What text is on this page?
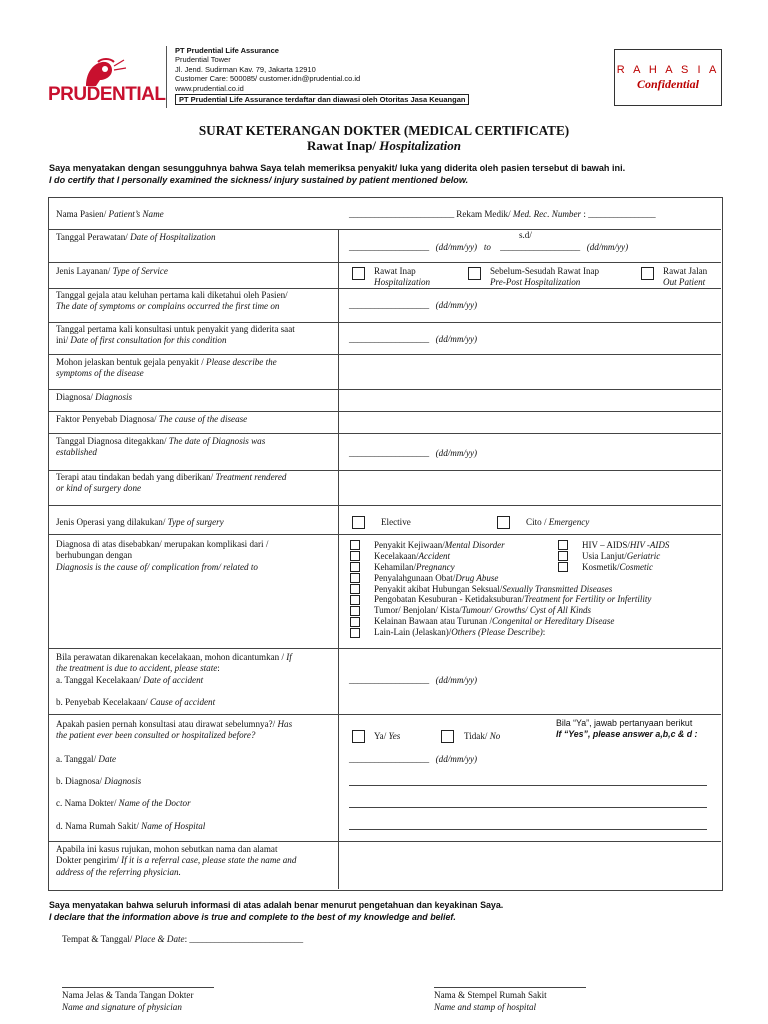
PRUDENTIAL
PT Prudential Life Assurance
Prudential Tower
Jl. Jend. Sudirman Kav. 79, Jakarta 12910
Customer Care: 500085/ customer.idn@prudential.co.id
www.prudential.co.id
PT Prudential Life Assurance terdaftar dan diawasi oleh Otoritas Jasa Keuangan
R A H A S I A
Confidential
SURAT KETERANGAN DOKTER (MEDICAL CERTIFICATE)
Rawat Inap/ Hospitalization
Saya menyatakan dengan sesungguhnya bahwa Saya telah memeriksa penyakit/ luka yang diderita oleh pasien tersebut di bawah ini.
I do certify that I personally examined the sickness/ injury sustained by patient mentioned below.
Nama Pasien/ Patient’s Name	_________________________ Rekam Medik/ Med. Rec. Number : ________________
Tanggal Perawatan/ Date of Hospitalization	s.d/
___________________ (dd/mm/yy) to ___________________ (dd/mm/yy)
Jenis Layanan/ Type of Service	Rawat Inap
Hospitalization
Sebelum-Sesudah Rawat Inap
Pre-Post Hospitalization
Rawat Jalan
Out Patient
Tanggal gejala atau keluhan pertama kali diketahui oleh Pasien/
The date of symptoms or complains occurred the first time on	___________________ (dd/mm/yy)
Tanggal pertama kali konsultasi untuk penyakit yang diderita saat
ini/ Date of first consultation for this condition	___________________ (dd/mm/yy)
Mohon jelaskan bentuk gejala penyakit / Please describe the
symptoms of the disease
Diagnosa/ Diagnosis
Faktor Penyebab Diagnosa/ The cause of the disease
Tanggal Diagnosa ditegakkan/ The date of Diagnosis was
established	___________________ (dd/mm/yy)
Terapi atau tindakan bedah yang diberikan/ Treatment rendered
or kind of surgery done
Jenis Operasi yang dilakukan/ Type of surgery	Elective	Cito / Emergency
Diagnosa di atas disebabkan/ merupakan komplikasi dari /
berhubungan dengan
Diagnosis is the cause of/ complication from/ related to
Penyakit Kejiwaan/ Mental Disorder
Kecelakaan/ Accident
Kehamilan/ Pregnancy
Penyalahgunaan Obat/ Drug Abuse
Penyakit akibat Hubungan Seksual/ Sexually Transmitted Diseases
Pengobatan Kesuburan - Ketidaksuburan/ Treatment for Fertility or Infertility
Tumor/ Benjolan/ Kista/ Tumour/ Growths/ Cyst of All Kinds
Kelainan Bawaan atau Turunan / Congenital or Hereditary Disease
Lain-Lain (Jelaskan)/ Others (Please Describe) :
HIV – AIDS/ HIV -AIDS
Usia Lanjut/ Geriatric
Kosmetik/ Cosmetic
Bila perawatan dikarenakan kecelakaan, mohon dicantumkan / If
the treatment is due to accident, please state:
a. Tanggal Kecelakaan/ Date of accident	___________________ (dd/mm/yy)
b. Penyebab Kecelakaan/ Cause of accident
Apakah pasien pernah konsultasi atau dirawat sebelumnya?/ Has
the patient ever been consulted or hospitalized before?	Ya/ Yes	Tidak/ No
Bila “Ya”, jawab pertanyaan berikut
If “Yes”, please answer a,b,c & d :
a. Tanggal/ Date	___________________ (dd/mm/yy)
b. Diagnosa/ Diagnosis
c. Nama Dokter/ Name of the Doctor
d. Nama Rumah Sakit/ Name of Hospital
Apabila ini kasus rujukan, mohon sebutkan nama dan alamat
Dokter pengirim/ If it is a referral case, please state the name and
address of the referring physician.
Saya menyatakan bahwa seluruh informasi di atas adalah benar menurut pengetahuan dan keyakinan Saya.
I declare that the information above is true and complete to the best of my knowledge and belief.
Tempat & Tanggal/ Place & Date: ___________________________
Nama Jelas & Tanda Tangan Dokter
Name and signature of physician
Nama & Stempel Rumah Sakit
Name and stamp of hospital
